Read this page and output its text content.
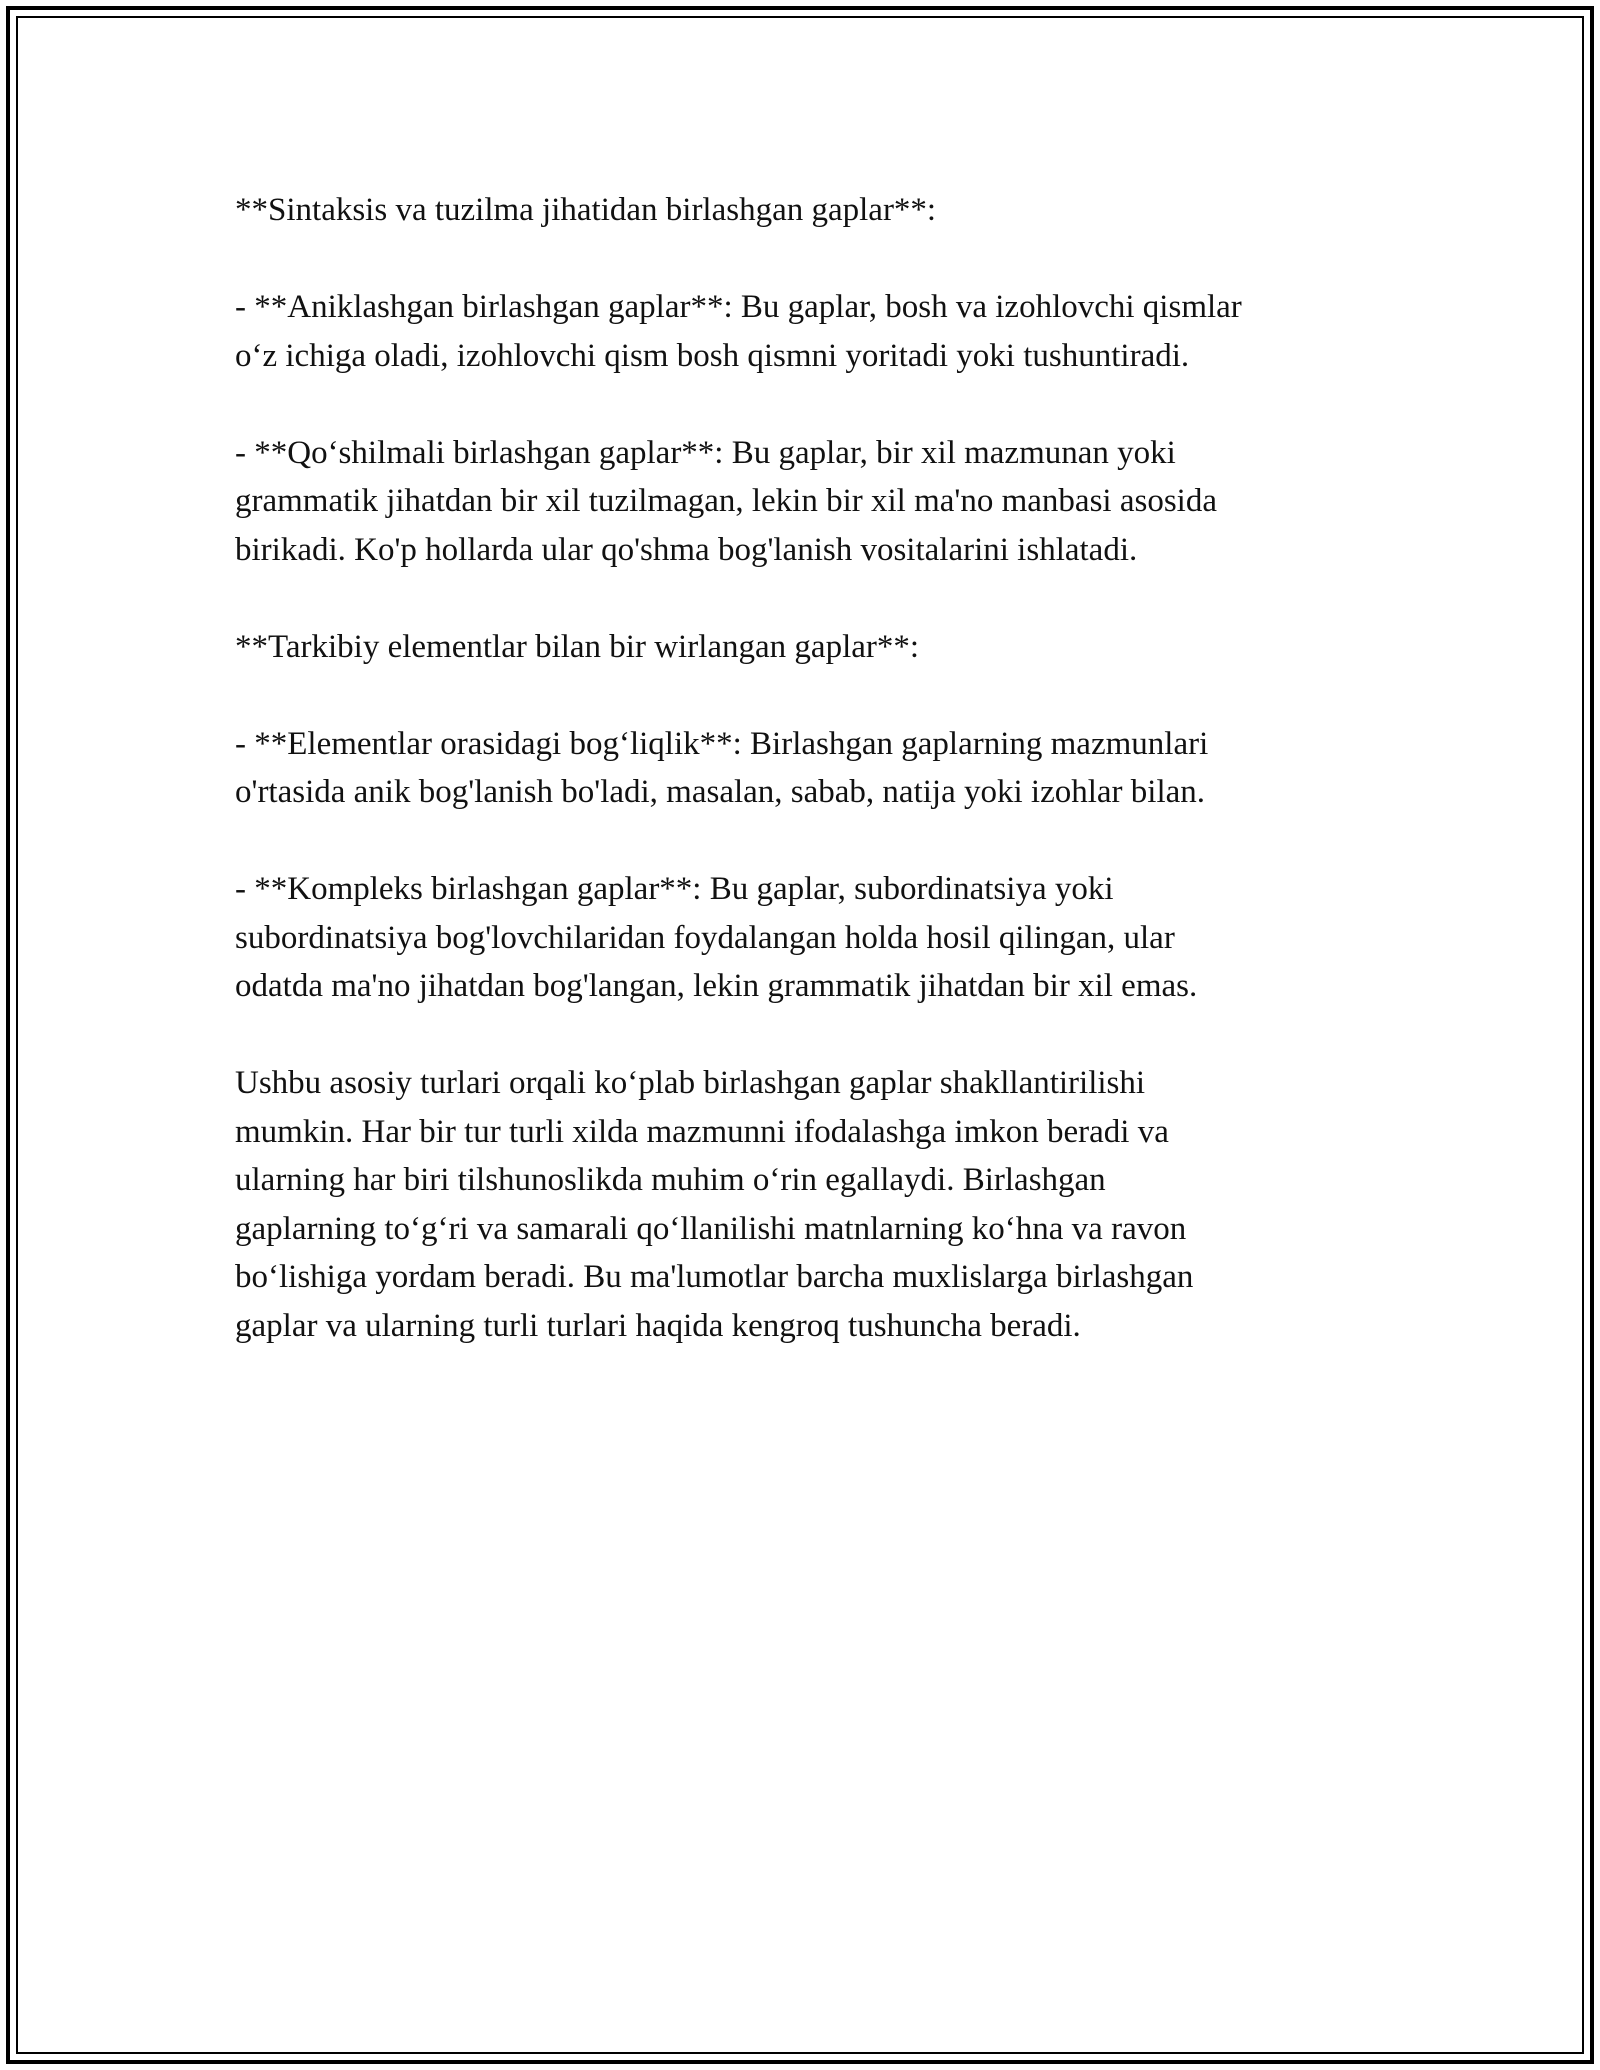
**Sintaksis va tuzilma jihatidan birlashgan gaplar**:

- **Aniklashgan birlashgan gaplar**: Bu gaplar, bosh va izohlovchi qismlar
o‘z ichiga oladi, izohlovchi qism bosh qismni yoritadi yoki tushuntiradi.

- **Qo‘shilmali birlashgan gaplar**: Bu gaplar, bir xil mazmunan yoki
grammatik jihatdan bir xil tuzilmagan, lekin bir xil ma'no manbasi asosida
birikadi. Ko'p hollarda ular qo'shma bog'lanish vositalarini ishlatadi.

**Tarkibiy elementlar bilan bir wirlangan gaplar**:

- **Elementlar orasidagi bog‘liqlik**: Birlashgan gaplarning mazmunlari
o'rtasida anik bog'lanish bo'ladi, masalan, sabab, natija yoki izohlar bilan.

- **Kompleks birlashgan gaplar**: Bu gaplar, subordinatsiya yoki
subordinatsiya bog'lovchilaridan foydalangan holda hosil qilingan, ular
odatda ma'no jihatdan bog'langan, lekin grammatik jihatdan bir xil emas.

Ushbu asosiy turlari orqali ko‘plab birlashgan gaplar shakllantirilishi
mumkin. Har bir tur turli xilda mazmunni ifodalashga imkon beradi va
ularning har biri tilshunoslikda muhim o‘rin egallaydi. Birlashgan
gaplarning to‘g‘ri va samarali qo‘llanilishi matnlarning ko‘hna va ravon
bo‘lishiga yordam beradi. Bu ma'lumotlar barcha muxlislarga birlashgan
gaplar va ularning turli turlari haqida kengroq tushuncha beradi.
